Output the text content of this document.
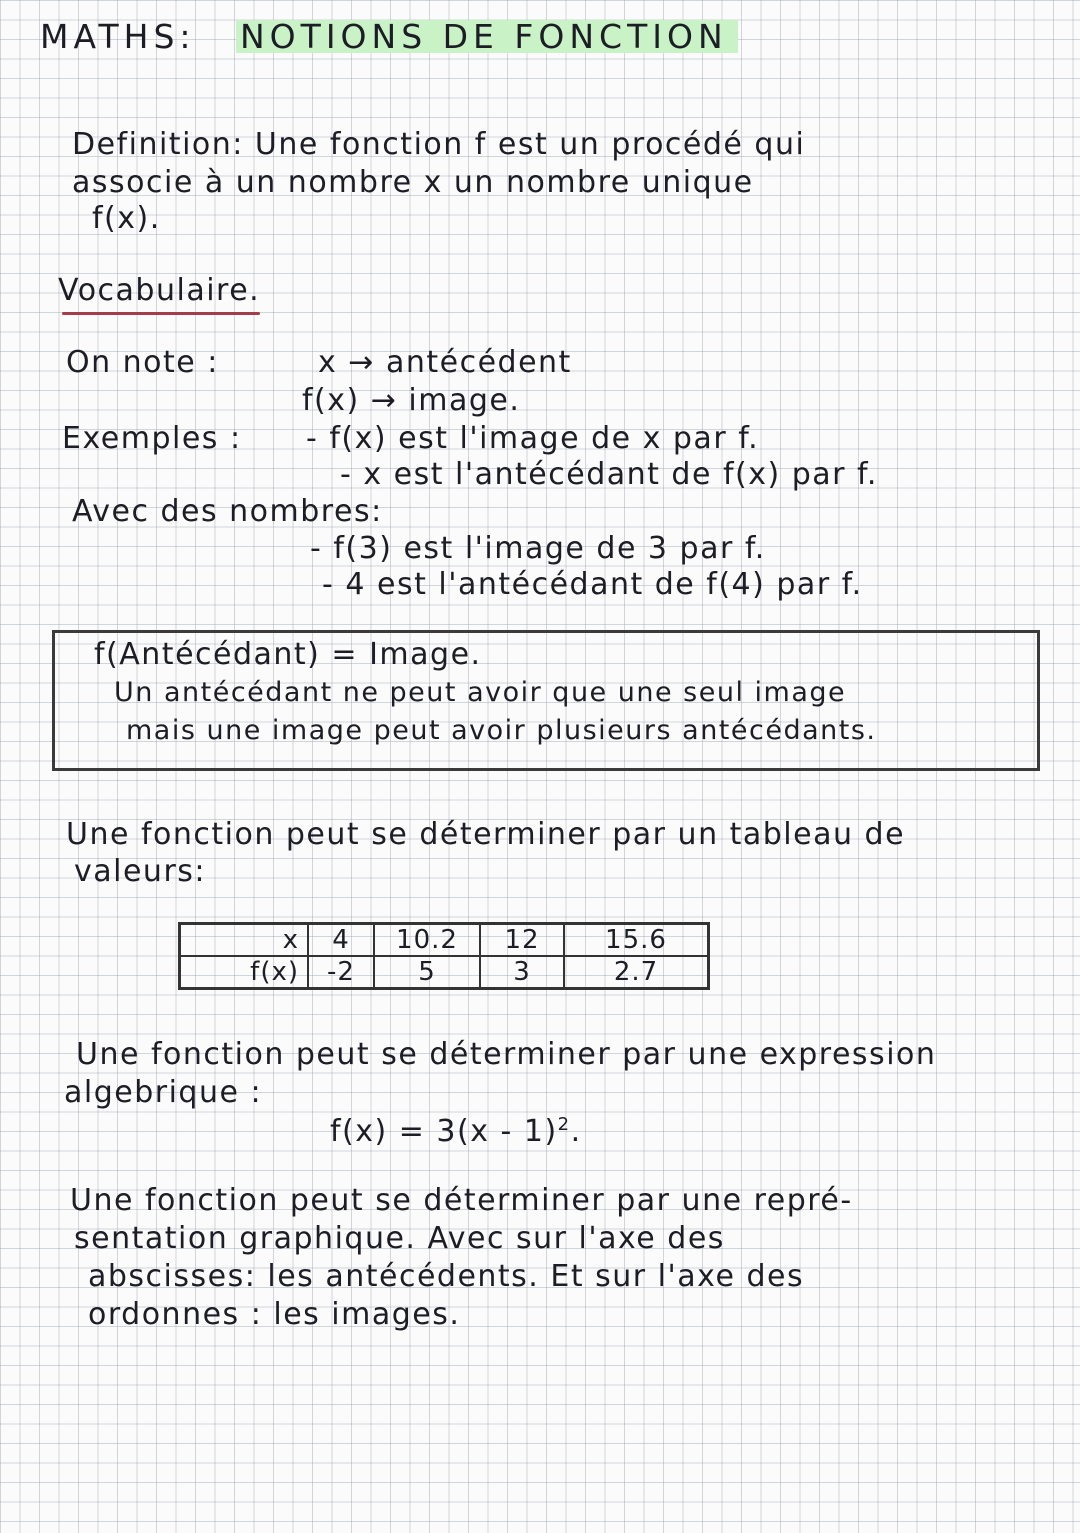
MATHS: NOTIONS DE FONCTION
Definition: Une fonction f est un procédé qui
associe à un nombre x un nombre unique
f(x).
Vocabulaire.
On note :	x → antécédent
f(x) → image.
Exemples : - f(x) est l'image de x par f.
- x est l'antécédant de f(x) par f.
Avec des nombres:
- f(3) est l'image de 3 par f.
- 4 est l'antécédant de f(4) par f.
f(Antécédant) = Image.
Un antécédant ne peut avoir que une seul image
mais une image peut avoir plusieurs antécédants.
Une fonction peut se déterminer par un tableau de
valeurs:
x	4	10.2	12	15.6
f(x)	-2	5	3	2.7
Une fonction peut se déterminer par une expression
algebrique :
f(x) = 3(x - 1)$^2$.
Une fonction peut se déterminer par une repré-
sentation graphique. Avec sur l'axe des
abscisses: les antécédents. Et sur l'axe des
ordonnes : les images.
